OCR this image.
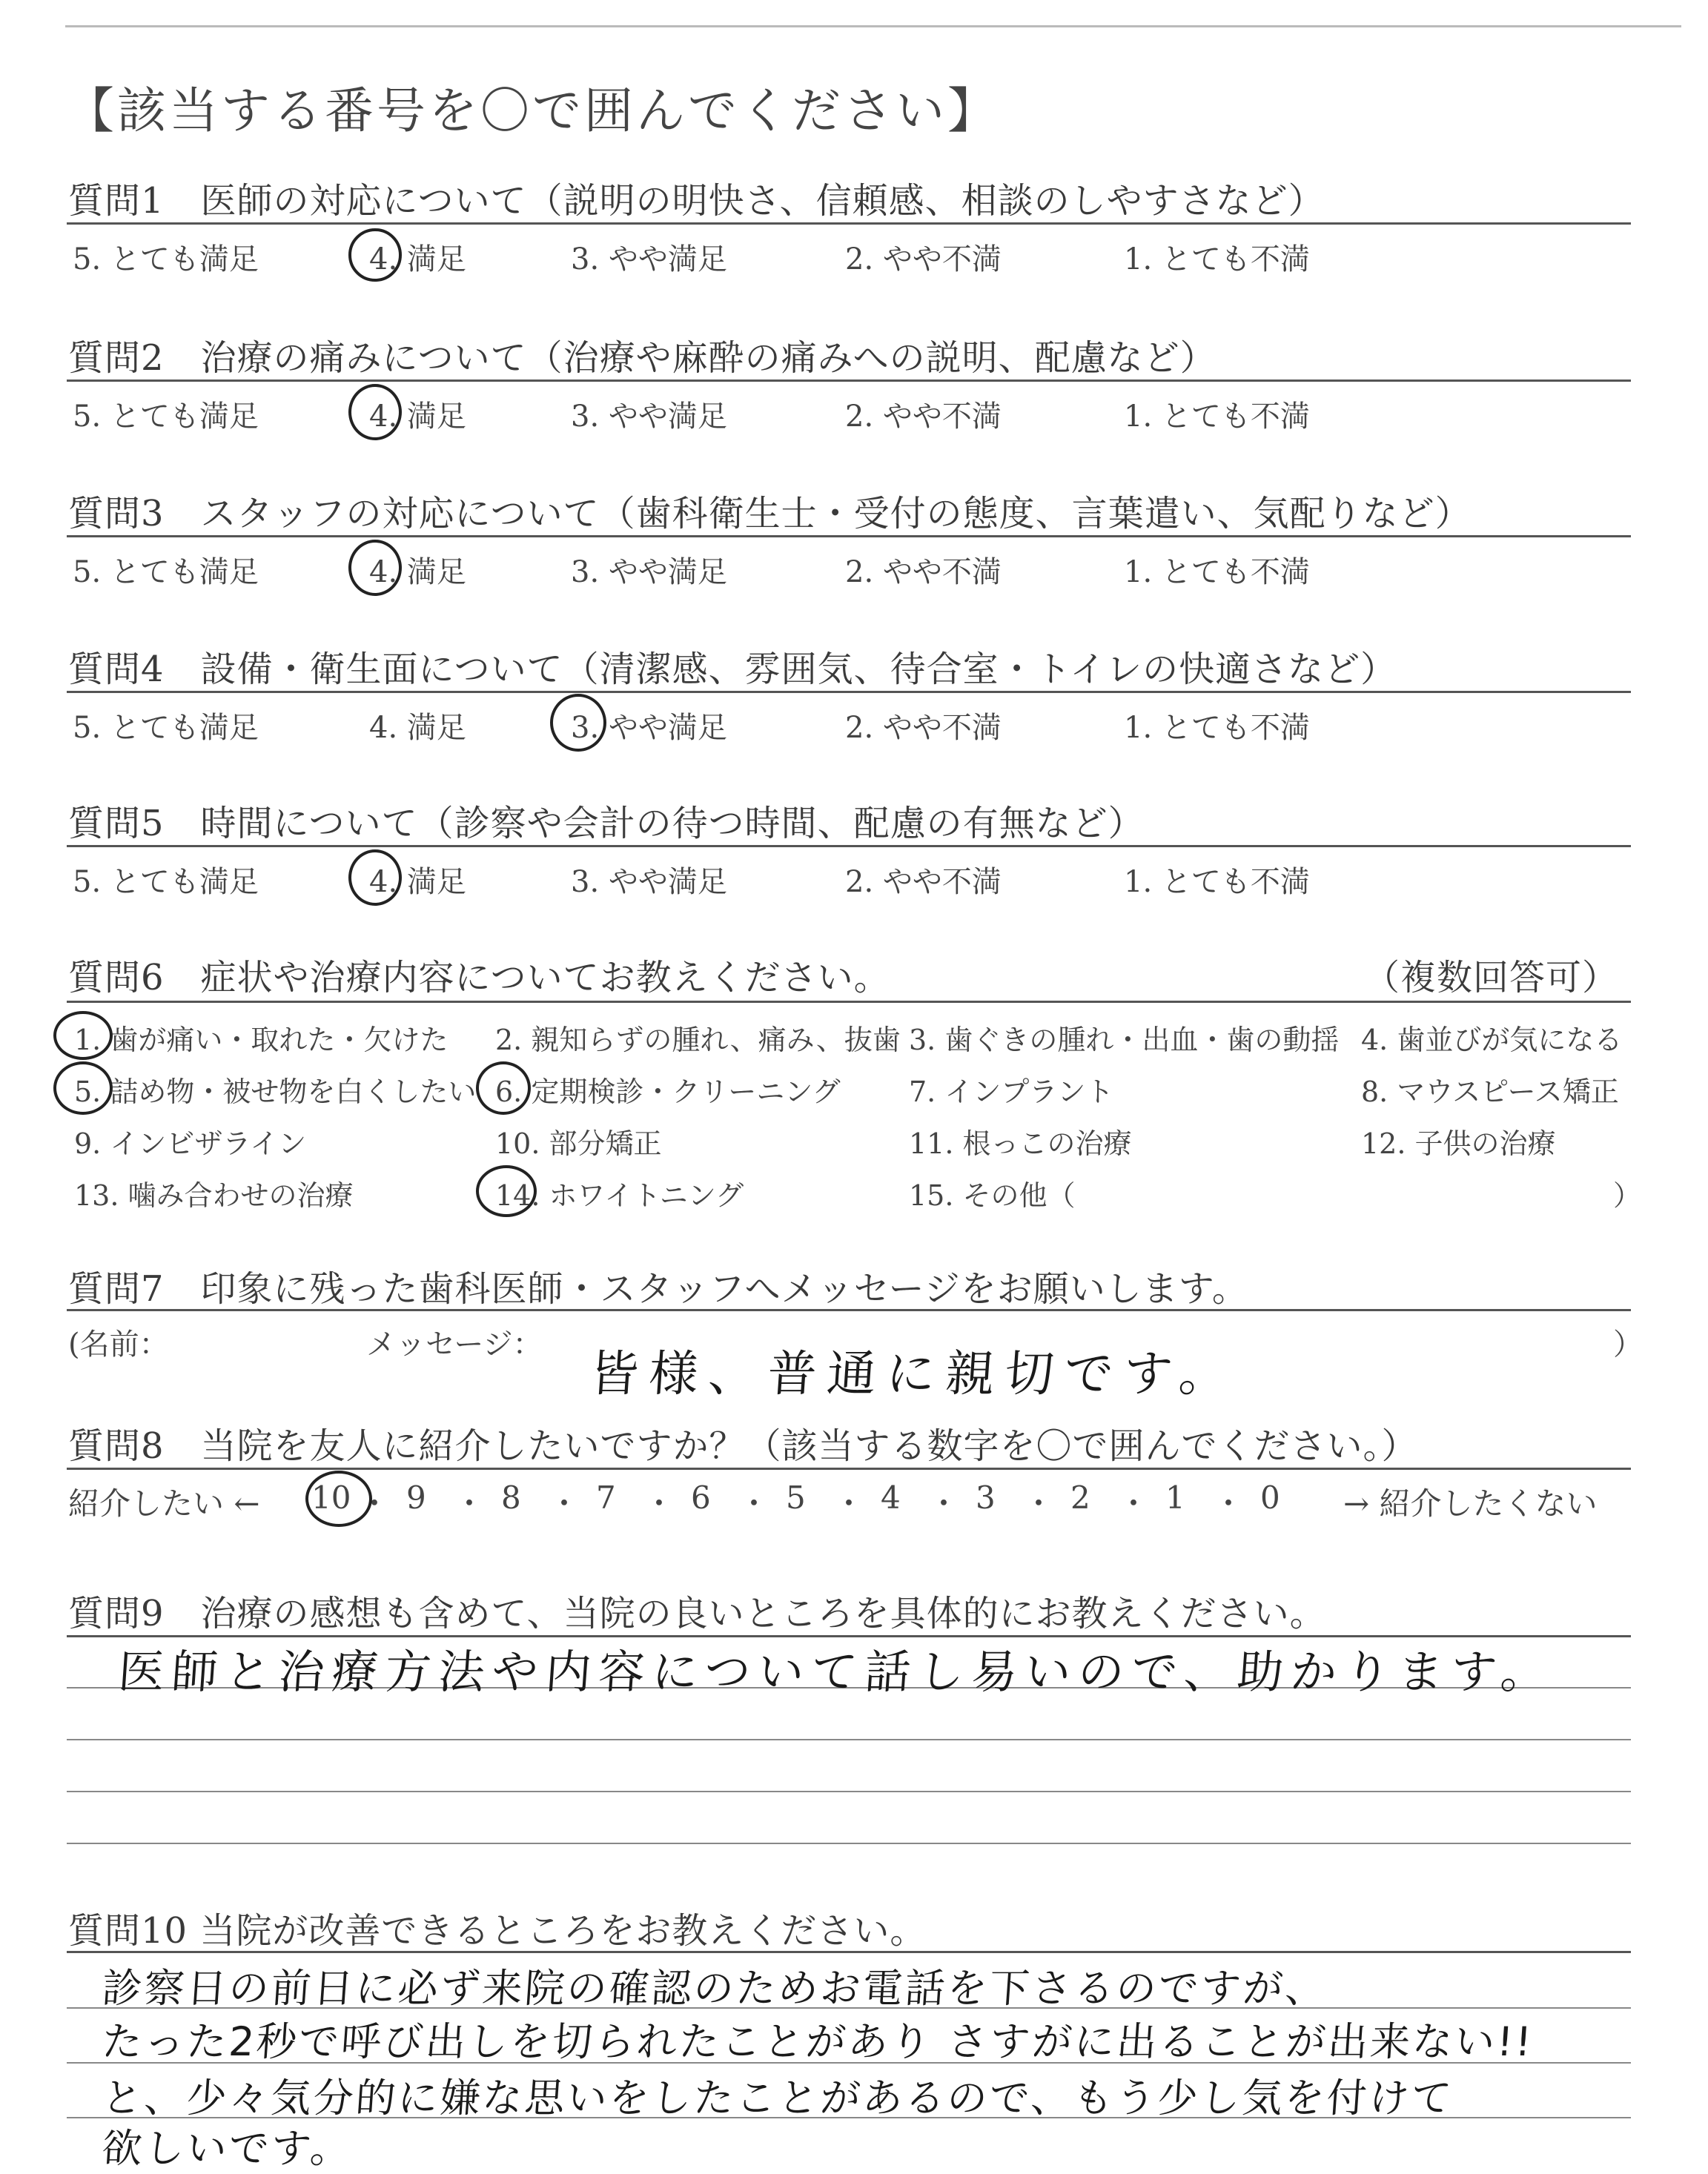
【該当する番号を〇で囲んでください】
質問1　医師の対応について（説明の明快さ、信頼感、相談のしやすさなど）
5. とても満足	4. 満足	3. やや満足	2. やや不満	1. とても不満
質問2　治療の痛みについて（治療や麻酔の痛みへの説明、配慮など）
5. とても満足	4. 満足	3. やや満足	2. やや不満	1. とても不満
質問3　スタッフの対応について（歯科衛生士・受付の態度、言葉遣い、気配りなど）
5. とても満足	4. 満足	3. やや満足	2. やや不満	1. とても不満
質問4　設備・衛生面について（清潔感、雰囲気、待合室・トイレの快適さなど）
5. とても満足	4. 満足	3. やや満足	2. やや不満	1. とても不満
質問5　時間について（診察や会計の待つ時間、配慮の有無など）
5. とても満足	4. 満足	3. やや満足	2. やや不満	1. とても不満
質問6　症状や治療内容についてお教えください。	（複数回答可）
1. 歯が痛い・取れた・欠けた 2. 親知らずの腫れ、痛み、抜歯 3. 歯ぐきの腫れ・出血・歯の動揺 4. 歯並びが気になる
5. 詰め物・被せ物を白くしたい 6. 定期検診・クリーニング 7. インプラント	8. マウスピース矯正
9. インビザライン	10. 部分矯正	11. 根っこの治療	12. 子供の治療
13. 噛み合わせの治療	14. ホワイトニング	15. その他（	）
質問7　印象に残った歯科医師・スタッフへメッセージをお願いします。
(名前：	メッセージ：	）
皆様、普通に親切です。
質問8　当院を友人に紹介したいですか？（該当する数字を〇で囲んでください。）
紹介したい ←	→ 紹介したくない
10 ・ 9 ・ 8 ・ 7 ・ 6 ・ 5 ・ 4 ・ 3 ・ 2 ・ 1 ・ 0
質問9　治療の感想も含めて、当院の良いところを具体的にお教えください。
医師と治療方法や内容について話し易いので、助かります。
質問10 当院が改善できるところをお教えください。
診察日の前日に必ず来院の確認のためお電話を下さるのですが、
たった2秒で呼び出しを切られたことがあり さすがに出ることが出来ない!!
と、少々気分的に嫌な思いをしたことがあるので、もう少し気を付けて
欲しいです。
